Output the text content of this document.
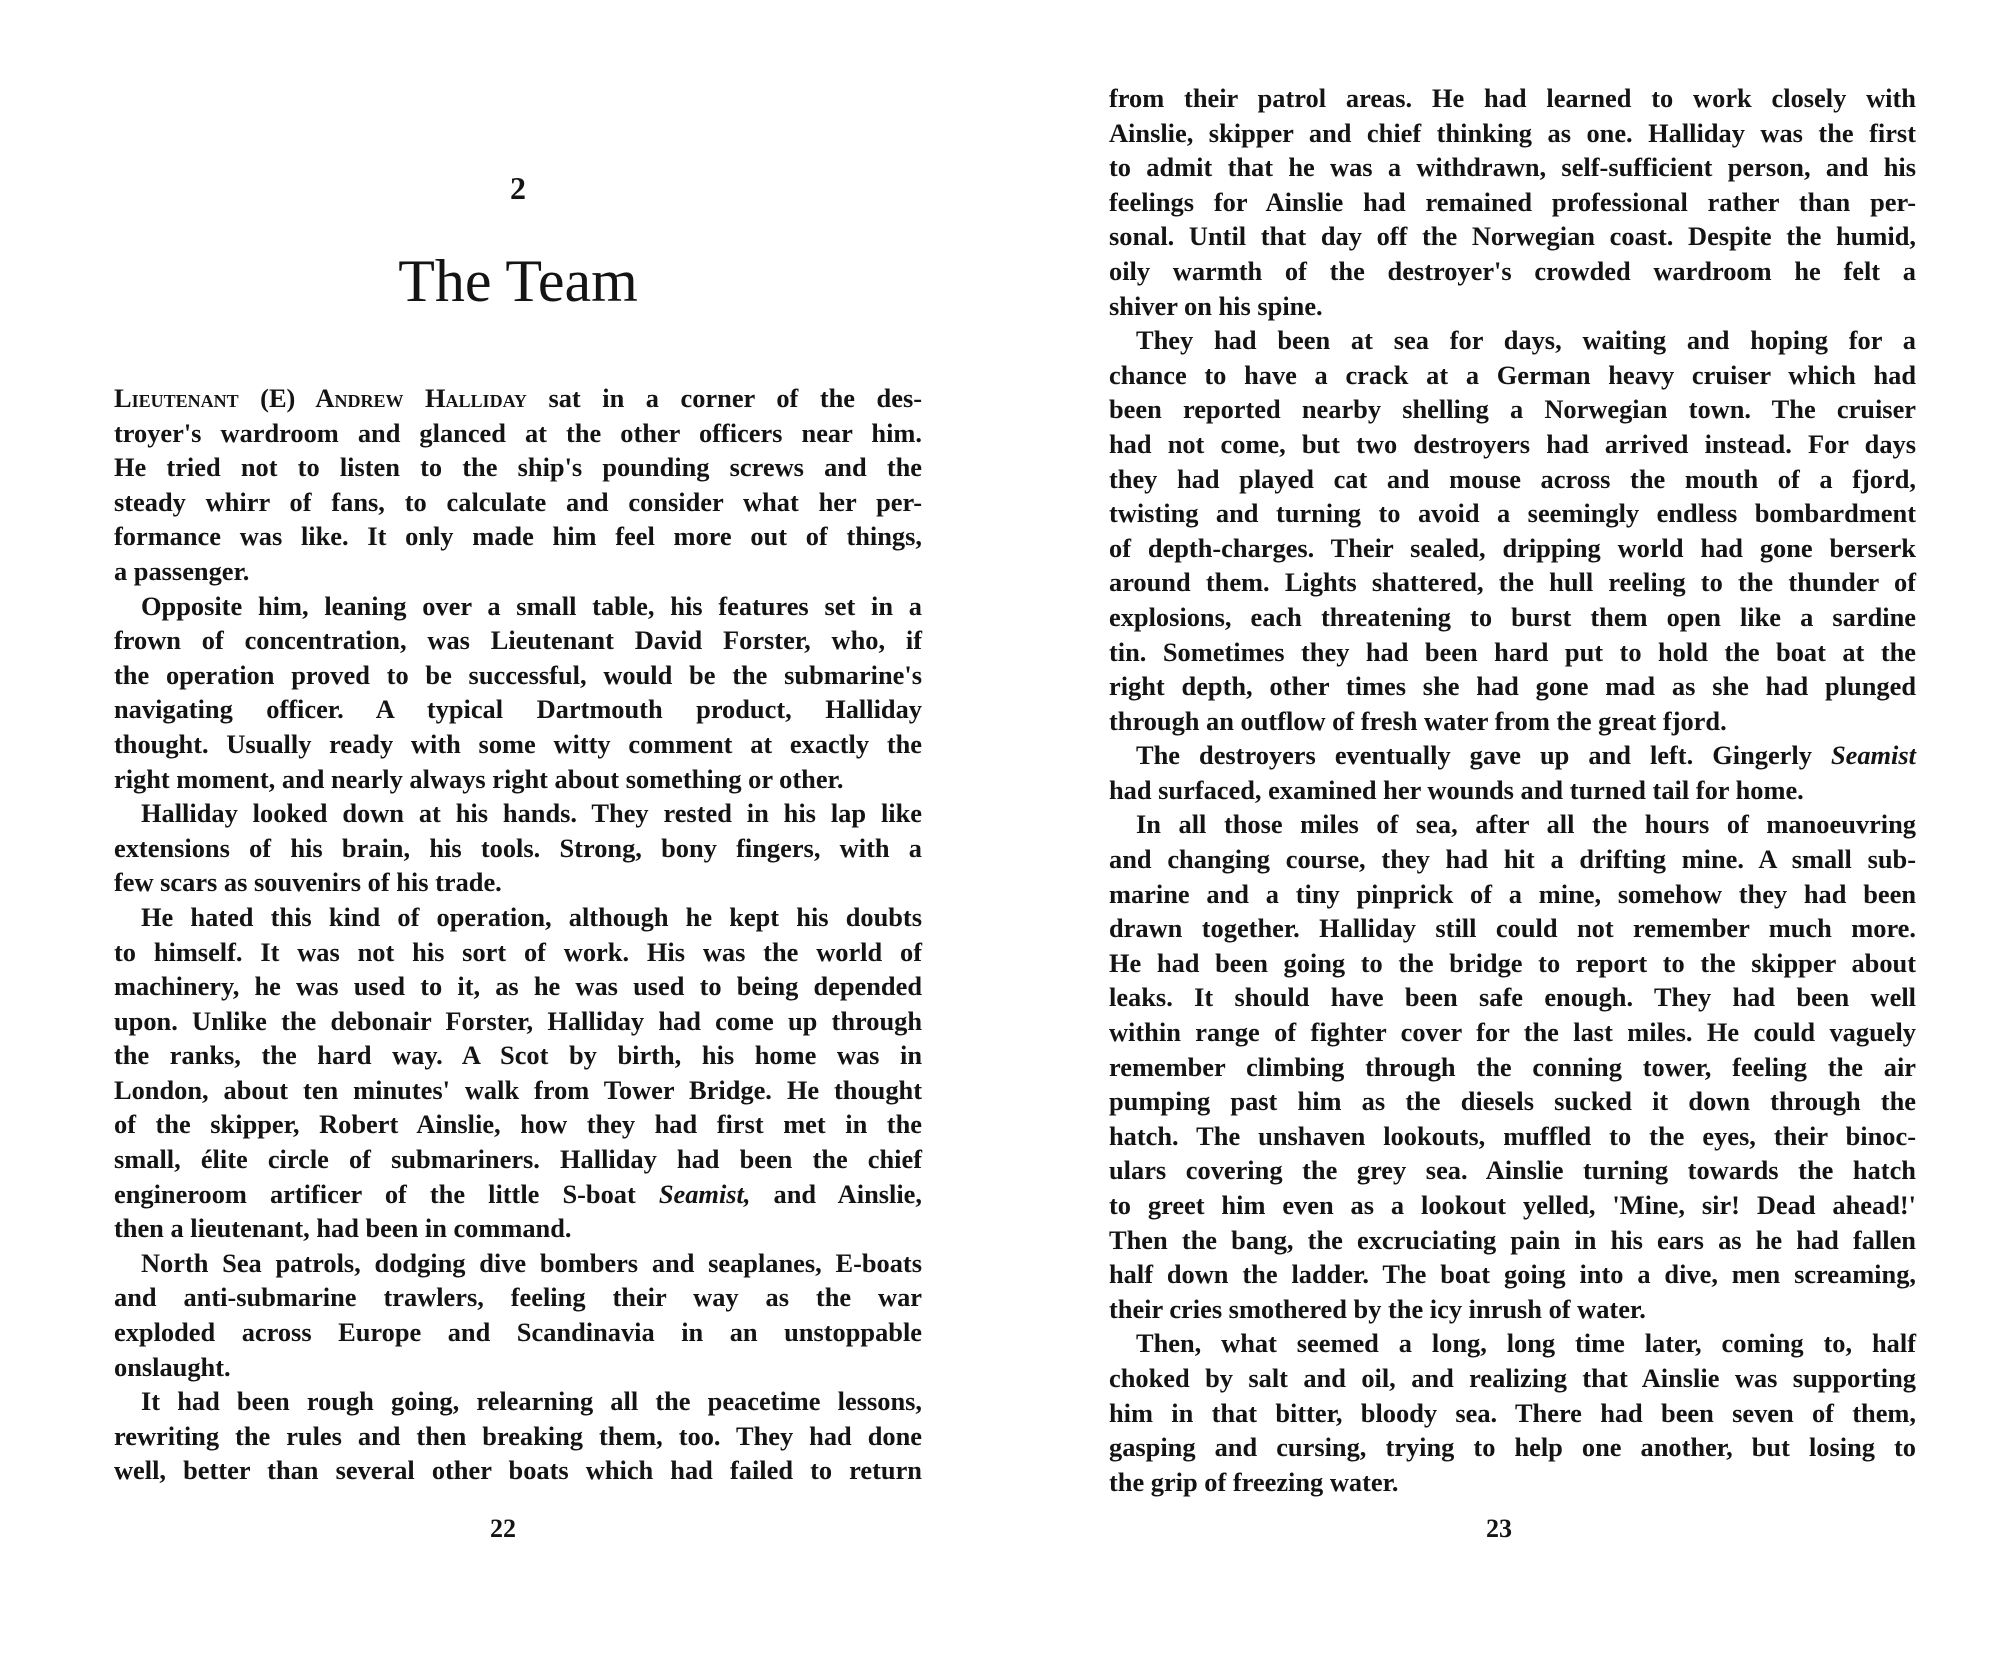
2
The Team
Lieutenant (E) Andrew Halliday sat in a corner of the des-
troyer's wardroom and glanced at the other officers near him.
He tried not to listen to the ship's pounding screws and the
steady whirr of fans, to calculate and consider what her per-
formance was like. It only made him feel more out of things,
a passenger.
Opposite him, leaning over a small table, his features set in a
frown of concentration, was Lieutenant David Forster, who, if
the operation proved to be successful, would be the submarine's
navigating officer. A typical Dartmouth product, Halliday
thought. Usually ready with some witty comment at exactly the
right moment, and nearly always right about something or other.
Halliday looked down at his hands. They rested in his lap like
extensions of his brain, his tools. Strong, bony fingers, with a
few scars as souvenirs of his trade.
He hated this kind of operation, although he kept his doubts
to himself. It was not his sort of work. His was the world of
machinery, he was used to it, as he was used to being depended
upon. Unlike the debonair Forster, Halliday had come up through
the ranks, the hard way. A Scot by birth, his home was in
London, about ten minutes' walk from Tower Bridge. He thought
of the skipper, Robert Ainslie, how they had first met in the
small, élite circle of submariners. Halliday had been the chief
engineroom artificer of the little S-boat Seamist, and Ainslie,
then a lieutenant, had been in command.
North Sea patrols, dodging dive bombers and seaplanes, E-boats
and anti-submarine trawlers, feeling their way as the war
exploded across Europe and Scandinavia in an unstoppable
onslaught.
It had been rough going, relearning all the peacetime lessons,
rewriting the rules and then breaking them, too. They had done
well, better than several other boats which had failed to return
22
from their patrol areas. He had learned to work closely with
Ainslie, skipper and chief thinking as one. Halliday was the first
to admit that he was a withdrawn, self-sufficient person, and his
feelings for Ainslie had remained professional rather than per-
sonal. Until that day off the Norwegian coast. Despite the humid,
oily warmth of the destroyer's crowded wardroom he felt a
shiver on his spine.
They had been at sea for days, waiting and hoping for a
chance to have a crack at a German heavy cruiser which had
been reported nearby shelling a Norwegian town. The cruiser
had not come, but two destroyers had arrived instead. For days
they had played cat and mouse across the mouth of a fjord,
twisting and turning to avoid a seemingly endless bombardment
of depth-charges. Their sealed, dripping world had gone berserk
around them. Lights shattered, the hull reeling to the thunder of
explosions, each threatening to burst them open like a sardine
tin. Sometimes they had been hard put to hold the boat at the
right depth, other times she had gone mad as she had plunged
through an outflow of fresh water from the great fjord.
The destroyers eventually gave up and left. Gingerly Seamist
had surfaced, examined her wounds and turned tail for home.
In all those miles of sea, after all the hours of manoeuvring
and changing course, they had hit a drifting mine. A small sub-
marine and a tiny pinprick of a mine, somehow they had been
drawn together. Halliday still could not remember much more.
He had been going to the bridge to report to the skipper about
leaks. It should have been safe enough. They had been well
within range of fighter cover for the last miles. He could vaguely
remember climbing through the conning tower, feeling the air
pumping past him as the diesels sucked it down through the
hatch. The unshaven lookouts, muffled to the eyes, their binoc-
ulars covering the grey sea. Ainslie turning towards the hatch
to greet him even as a lookout yelled, 'Mine, sir! Dead ahead!'
Then the bang, the excruciating pain in his ears as he had fallen
half down the ladder. The boat going into a dive, men screaming,
their cries smothered by the icy inrush of water.
Then, what seemed a long, long time later, coming to, half
choked by salt and oil, and realizing that Ainslie was supporting
him in that bitter, bloody sea. There had been seven of them,
gasping and cursing, trying to help one another, but losing to
the grip of freezing water.
23
